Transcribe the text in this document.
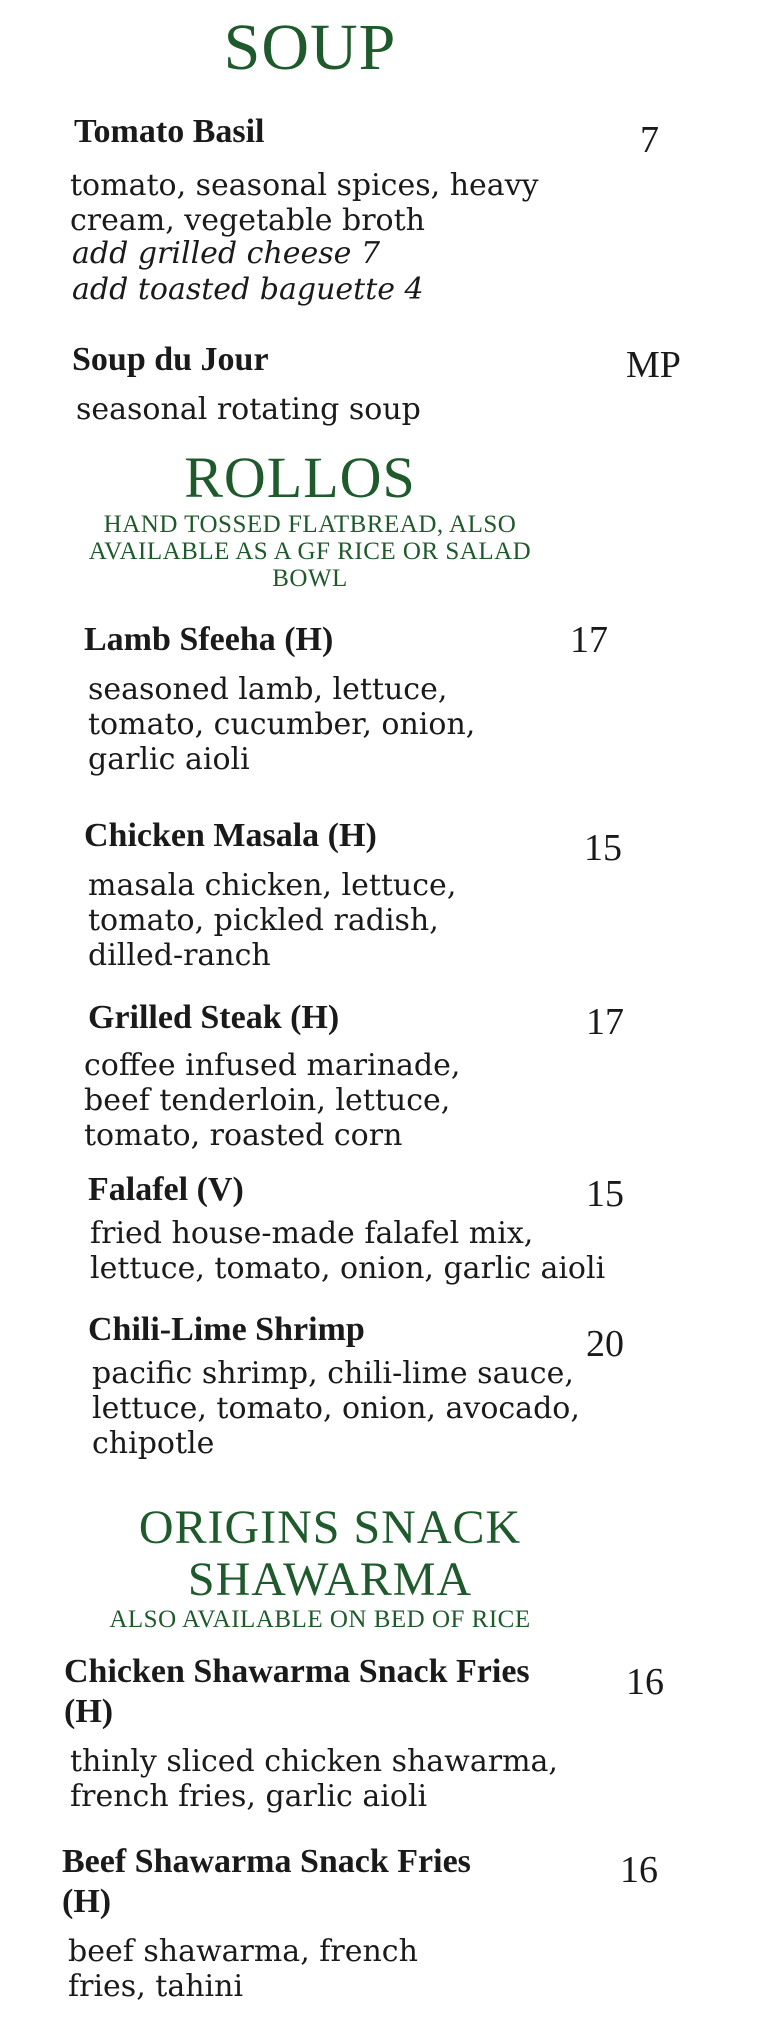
SOUP
Tomato Basil	7
tomato, seasonal spices, heavy
cream, vegetable broth
add grilled cheese 7
add toasted baguette 4
Soup du Jour	MP
seasonal rotating soup
ROLLOS
HAND TOSSED FLATBREAD, ALSO
AVAILABLE AS A GF RICE OR SALAD
BOWL
Lamb Sfeeha (H)	17
seasoned lamb, lettuce,
tomato, cucumber, onion,
garlic aioli
Chicken Masala (H)	15
masala chicken, lettuce,
tomato, pickled radish,
dilled-ranch
Grilled Steak (H)	17
coffee infused marinade,
beef tenderloin, lettuce,
tomato, roasted corn
Falafel (V)	15
fried house-made falafel mix,
lettuce, tomato, onion, garlic aioli
Chili-Lime Shrimp	20
pacific shrimp, chili-lime sauce,
lettuce, tomato, onion, avocado,
chipotle
ORIGINS SNACK
SHAWARMA
ALSO AVAILABLE ON BED OF RICE
Chicken Shawarma Snack Fries
(H)
16
thinly sliced chicken shawarma,
french fries, garlic aioli
Beef Shawarma Snack Fries
(H)
16
beef shawarma, french
fries, tahini
